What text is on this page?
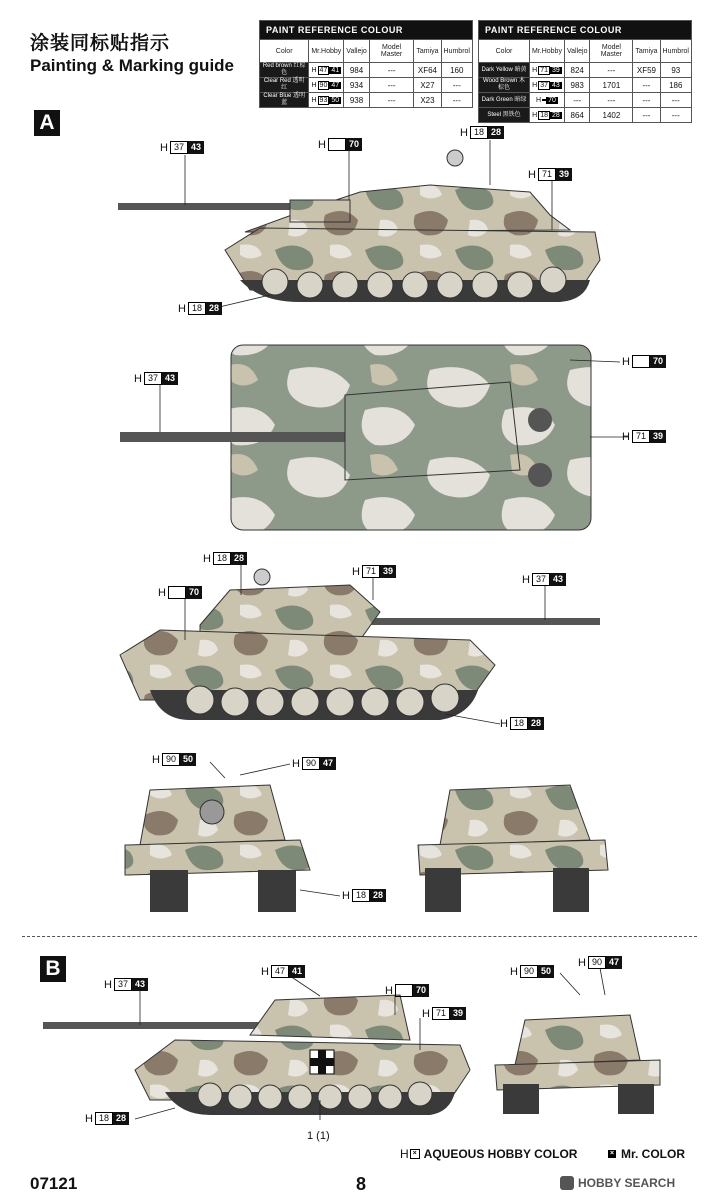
涂装同标贴指示
Painting & Marking guide
PAINT REFERENCE COLOUR					
Color	Mr.Hobby	Vallejo	Model Master	Tamiya	Humbrol
Red brown 红棕色	H 47 41	984	---	XF64	160
Clear Red 透明红	H 90 47	934	---	X27	---
Clear Blue 透明蓝	H 93 50	938	---	X23	---
PAINT REFERENCE COLOUR					
Color	Mr.Hobby	Vallejo	Model Master	Tamiya	Humbrol
Dark Yellow 暗黄	H 71 39	824	---	XF59	93
Wood Brown 木棕色	H 37 43	983	1701	---	186
Dark Green 暗绿	H 70	---	---	---	---
Steel 黑铁色	H 18 28	864	1402	---	---
A
B
H 37 43	H	70
H 18 28
H 71 39
H 18 28
H	70
H 37 43
H 71 39
H 18 28
H 71 39
H 37 43
H	70
H 18 28
H 90 50	H 90 47
H 18 28
H 37 43
H 47 41
H	70
H 71 39
H 18 28
H 90 50
H 90 47
1 (1)
H × AQUEOUS HOBBY COLOR	× Mr. COLOR
07121	8	HOBBY SEARCH
